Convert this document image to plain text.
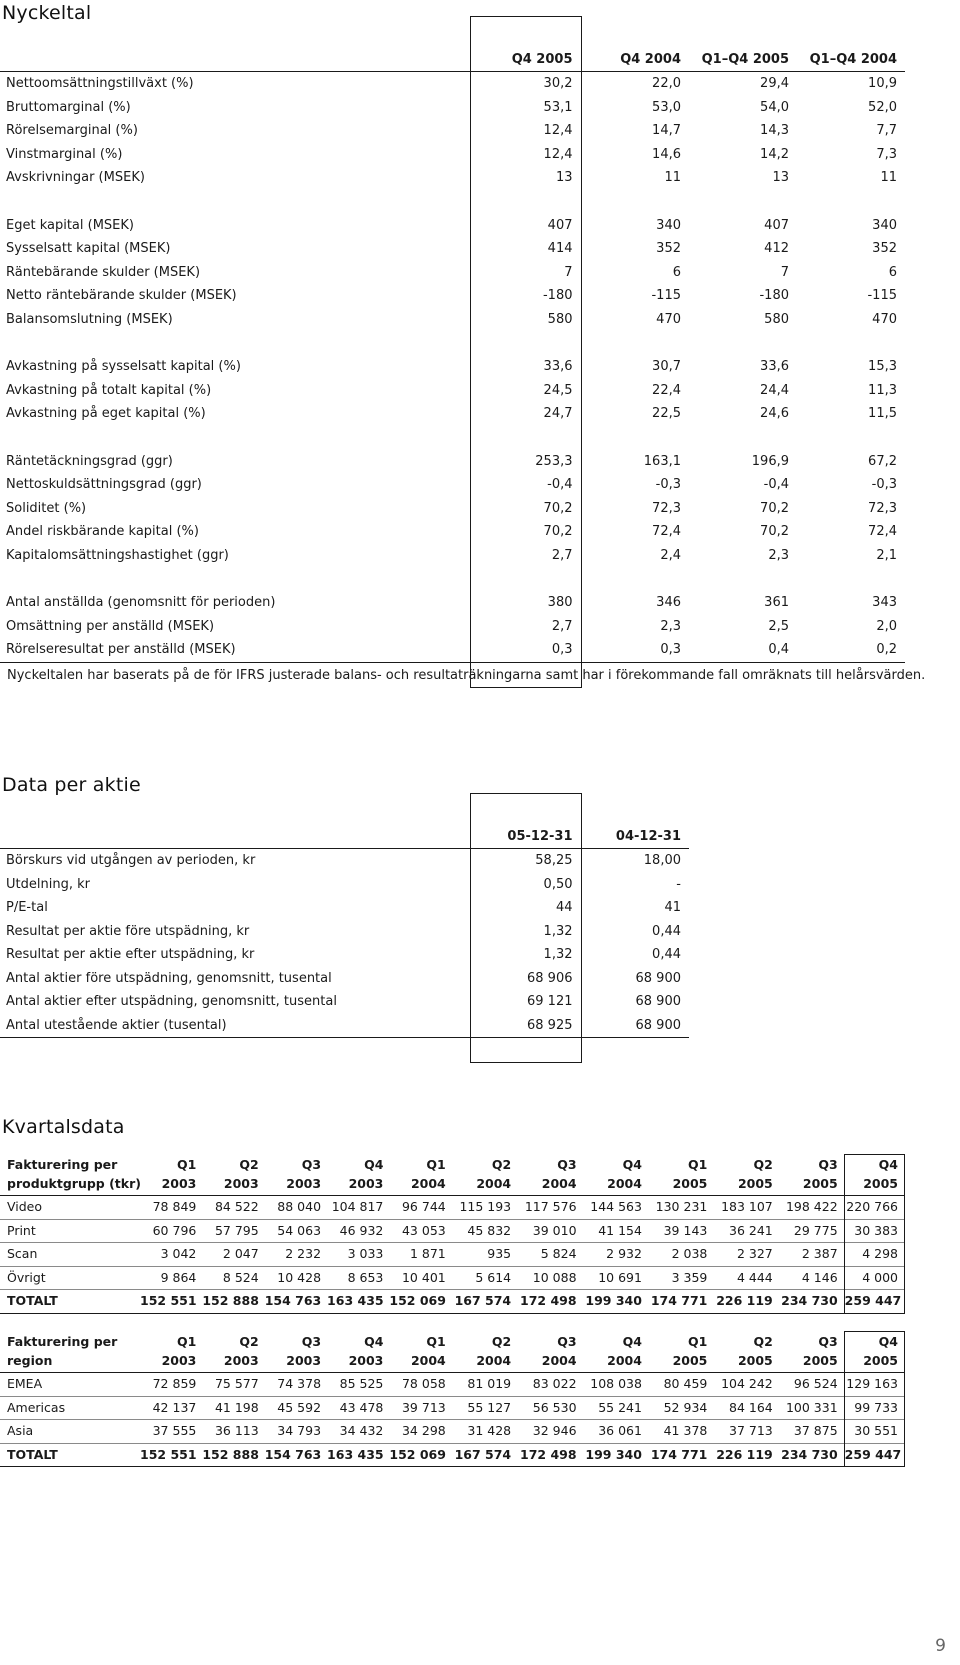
Nyckeltal

	Q4 2005	Q4 2004	Q1–Q4 2005	Q1–Q4 2004
Nettoomsättningstillväxt (%)	30,2	22,0	29,4	10,9
Bruttomarginal (%)	53,1	53,0	54,0	52,0
Rörelsemarginal (%)	12,4	14,7	14,3	7,7
Vinstmarginal (%)	12,4	14,6	14,2	7,3
Avskrivningar (MSEK)	13	11	13	11

Eget kapital (MSEK)	407	340	407	340
Sysselsatt kapital (MSEK)	414	352	412	352
Räntebärande skulder (MSEK)	7	6	7	6
Netto räntebärande skulder (MSEK)	-180	-115	-180	-115
Balansomslutning (MSEK)	580	470	580	470

Avkastning på sysselsatt kapital (%)	33,6	30,7	33,6	15,3
Avkastning på totalt kapital (%)	24,5	22,4	24,4	11,3
Avkastning på eget kapital (%)	24,7	22,5	24,6	11,5

Räntetäckningsgrad (ggr)	253,3	163,1	196,9	67,2
Nettoskuldsättningsgrad (ggr)	-0,4	-0,3	-0,4	-0,3
Soliditet (%)	70,2	72,3	70,2	72,3
Andel riskbärande kapital (%)	70,2	72,4	70,2	72,4
Kapitalomsättningshastighet (ggr)	2,7	2,4	2,3	2,1

Antal anställda (genomsnitt för perioden)	380	346	361	343
Omsättning per anställd (MSEK)	2,7	2,3	2,5	2,0
Rörelseresultat per anställd (MSEK)	0,3	0,3	0,4	0,2

Nyckeltalen har baserats på de för IFRS justerade balans- och resultaträkningarna samt har i förekommande fall omräknats till helårsvärden.

Data per aktie

	05-12-31	04-12-31
Börskurs vid utgången av perioden, kr	58,25	18,00
Utdelning, kr	0,50	-
P/E-tal	44	41
Resultat per aktie före utspädning, kr	1,32	0,44
Resultat per aktie efter utspädning, kr	1,32	0,44
Antal aktier före utspädning, genomsnitt, tusental	68 906	68 900
Antal aktier efter utspädning, genomsnitt, tusental	69 121	68 900
Antal utestående aktier (tusental)	68 925	68 900

Kvartalsdata
Fakturering per	Q1	Q2	Q3	Q4	Q1	Q2	Q3	Q4	Q1	Q2	Q3	Q4
produktgrupp (tkr)	2003	2003	2003	2003	2004	2004	2004	2004	2005	2005	2005	2005
Video	78 849	84 522	88 040	104 817	96 744	115 193	117 576	144 563	130 231	183 107	198 422	220 766
Print	60 796	57 795	54 063	46 932	43 053	45 832	39 010	41 154	39 143	36 241	29 775	30 383
Scan	3 042	2 047	2 232	3 033	1 871	935	5 824	2 932	2 038	2 327	2 387	4 298
Övrigt	9 864	8 524	10 428	8 653	10 401	5 614	10 088	10 691	3 359	4 444	4 146	4 000
TOTALT	152 551	152 888	154 763	163 435	152 069	167 574	172 498	199 340	174 771	226 119	234 730	259 447
Fakturering per	Q1	Q2	Q3	Q4	Q1	Q2	Q3	Q4	Q1	Q2	Q3	Q4
region	2003	2003	2003	2003	2004	2004	2004	2004	2005	2005	2005	2005
EMEA	72 859	75 577	74 378	85 525	78 058	81 019	83 022	108 038	80 459	104 242	96 524	129 163
Americas	42 137	41 198	45 592	43 478	39 713	55 127	56 530	55 241	52 934	84 164	100 331	99 733
Asia	37 555	36 113	34 793	34 432	34 298	31 428	32 946	36 061	41 378	37 713	37 875	30 551
TOTALT	152 551	152 888	154 763	163 435	152 069	167 574	172 498	199 340	174 771	226 119	234 730	259 447

9
